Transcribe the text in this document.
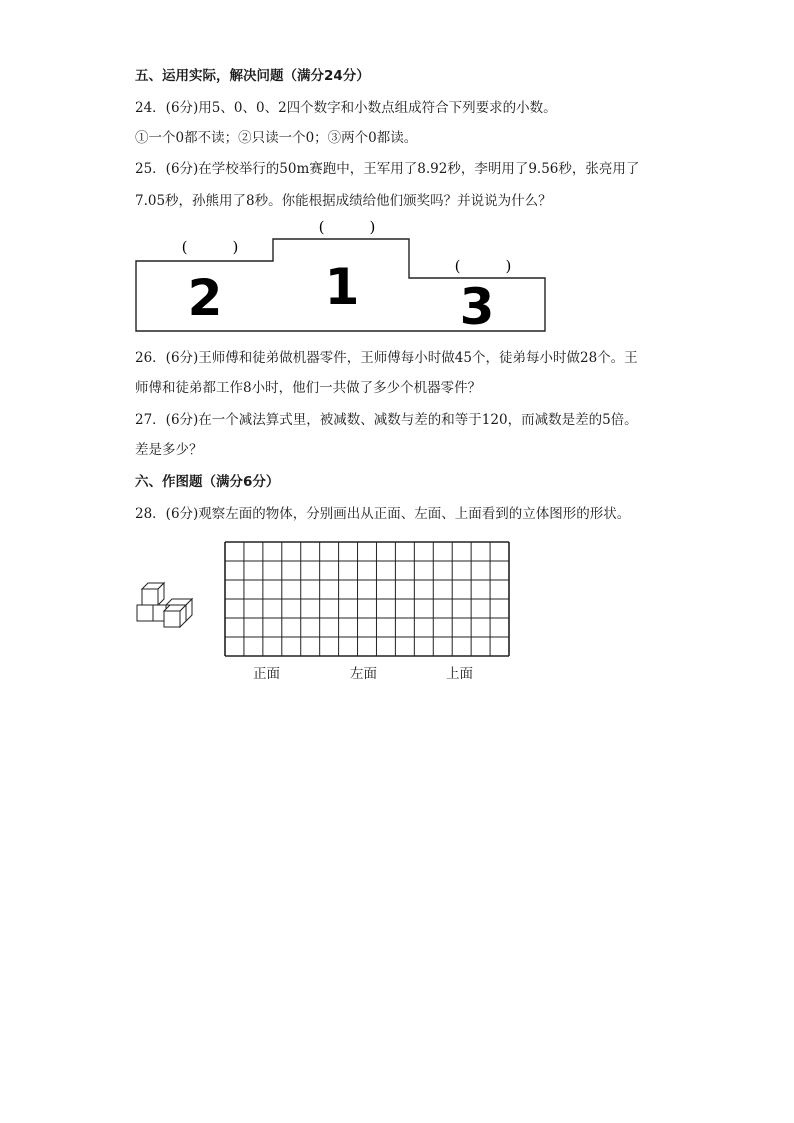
五、运用实际，解决问题（满分24分）
24．(6分)用5、0、0、2四个数字和小数点组成符合下列要求的小数。
①一个0都不读；②只读一个0；③两个0都读。
25．(6分)在学校举行的50m赛跑中，王军用了8.92秒，李明用了9.56秒，张亮用了
7.05秒，孙熊用了8秒。你能根据成绩给他们颁奖吗？并说说为什么？
(　　　)
(　　　)
(　　　)
2 1 3
26．(6分)王师傅和徒弟做机器零件，王师傅每小时做45个，徒弟每小时做28个。王
师傅和徒弟都工作8小时，他们一共做了多少个机器零件？
27．(6分)在一个减法算式里，被减数、减数与差的和等于120，而减数是差的5倍。
差是多少？
六、作图题（满分6分）
28．(6分)观察左面的物体，分别画出从正面、左面、上面看到的立体图形的形状。
正面	左面	上面
